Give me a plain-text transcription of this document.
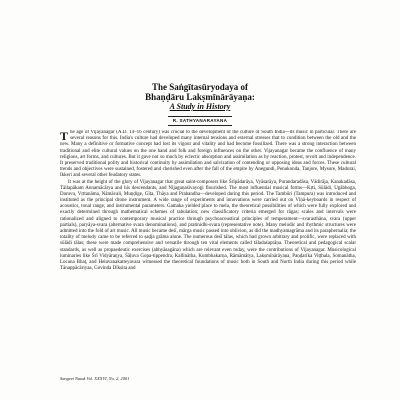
The Saṅgītasūryodaya of
Bhaṇḍāru Lakṣmīnārāyaṇa:
A Study in History
R. SATHYANARAYANA

The age of Vijayanagar (A.D. 14–16 century) was crucial to the development of the culture of South India—its music in particular. There are several reasons for this. India's culture had developed many internal tensions and external stresses that to condition between the old and the new. Many a definitive or formative concept had lost its vigour and vitality and had become fossilized. There was a strong interaction between traditional and elite cultural values on the one hand and folk and foreign influences on the other. Vijayanagar became the confluence of many religions, art forms, and cultures. But it gave not so much by eclectic absorption and assimilation as by reaction, protest, revolt and independence. It preserved traditional polity and historical continuity by assimilation and salvization of contending or opposing ideas and forces. These cultural trends and objectives were sustained, fostered and cherished even after the fall of the empire by Anegundi, Penukonda, Tanjore, Mysore, Madurai, Ikkeri and several other feudatory states.

It was at the height of the glory of Vijayanagar that great saint-composers like Śrīpādarāya, Vyāsarāya, Purandaradāsa, Vādirāja, Kanakadāsa, Tāllapākam Annamācārya and his descendants, and Nijaguṇaśivayogi flourished. The most influential musical forms—Kṛti, Sūlādi, Ugābhoga, Daruvu, Vṛttanāma, Nāmāvali, Muṇḍige, Gīta, Thāya and Prabandha—developed during this period. The Tambūri (Tampura) was introduced and instituted as the principal drone instrument. A wide range of experiments and innovations were carried out on Vīṇā-keyboards in respect of acoustics, tonal range, and instrumental parameters. Gamaka yielded place to mela, the theoretical possibilities of which were fully explored and exactly determined through mathematical schemes of tabulation; new classificatory criteria emerged for rāgas; scales and intervals were rationalized and aligned to contemporary musical practice through psychoacoustical principles of temperament—svarasthāna, svara (upper partials), paryāya-svara (alternative svara denominations), and pratinidhi-svara (representative note). Many melodic and rhythmic structures were admitted into the fold of art music. All music became deśī, mārga music passed into oblivion, as did the madhyamagrāma and its paraphernalia; the totality of melody came to be referred to ṣaḍja grāma alone. The numerous deśī tālas, which had grown arbitrary and prolific, were replaced with sūlādi tālas; these were made comprehensive and versatile through ten vital elements called tāladaśaprāṇa. Theoretical and pedagogical scalar standards, as well as propaedeutic exercises (abhyāsagāna) which are relevant even today, were the contributions of Vijayanagar. Musicological luminaries like Śrī Vidyāraṇya, Śāļuva Gopa-tippendra, Kallinātha, Kumbhakarṇa, Rāmāmātya, Lakṣmīnārāyaṇa, Paṇḍarīka Viṭṭhala, Somanātha, Locana Bhaṭ, and Helavanakatteyavara witnessed the theoretical foundations of music both in South and North India during this period while Tānappācāriyaa, Govinda Dīkṣita and

Sangeet Natak Vol. XXXVI, No. 2, 2001
